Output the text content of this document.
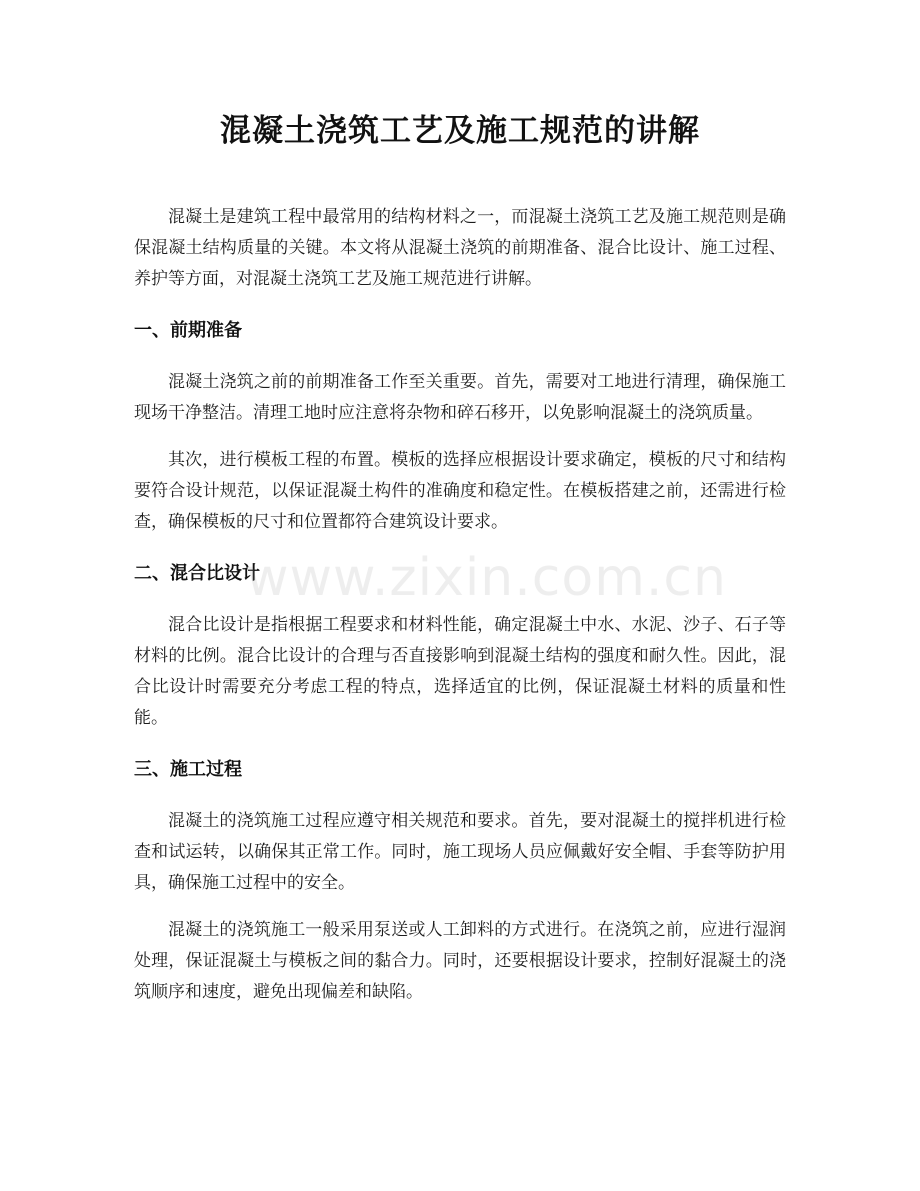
混凝土浇筑工艺及施工规范的讲解

混凝土是建筑工程中最常用的结构材料之一，而混凝土浇筑工艺及施工规范则是确保混凝土结构质量的关键。本文将从混凝土浇筑的前期准备、混合比设计、施工过程、养护等方面，对混凝土浇筑工艺及施工规范进行讲解。

一、前期准备

混凝土浇筑之前的前期准备工作至关重要。首先，需要对工地进行清理，确保施工现场干净整洁。清理工地时应注意将杂物和碎石移开，以免影响混凝土的浇筑质量。

其次，进行模板工程的布置。模板的选择应根据设计要求确定，模板的尺寸和结构要符合设计规范，以保证混凝土构件的准确度和稳定性。在模板搭建之前，还需进行检查，确保模板的尺寸和位置都符合建筑设计要求。

二、混合比设计

混合比设计是指根据工程要求和材料性能，确定混凝土中水、水泥、沙子、石子等材料的比例。混合比设计的合理与否直接影响到混凝土结构的强度和耐久性。因此，混合比设计时需要充分考虑工程的特点，选择适宜的比例，保证混凝土材料的质量和性能。

三、施工过程

混凝土的浇筑施工过程应遵守相关规范和要求。首先，要对混凝土的搅拌机进行检查和试运转，以确保其正常工作。同时，施工现场人员应佩戴好安全帽、手套等防护用具，确保施工过程中的安全。

混凝土的浇筑施工一般采用泵送或人工卸料的方式进行。在浇筑之前，应进行湿润处理，保证混凝土与模板之间的黏合力。同时，还要根据设计要求，控制好混凝土的浇筑顺序和速度，避免出现偏差和缺陷。

www.zixin.com.cn
